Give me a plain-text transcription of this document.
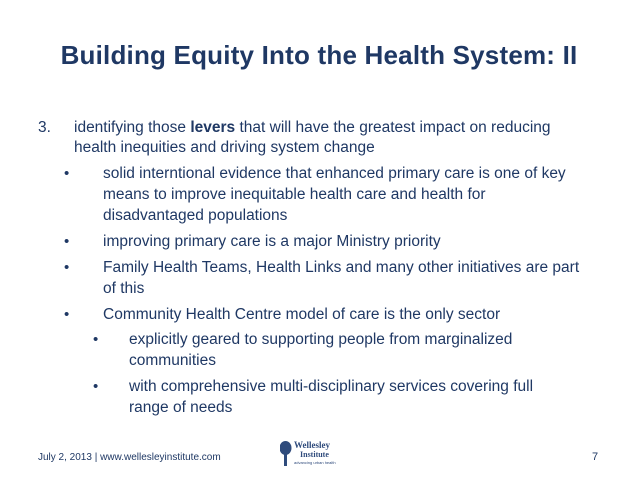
Building Equity Into the Health System: II
3. identifying those levers that will have the greatest impact on reducing
health inequities and driving system change
• solid interntional evidence that enhanced primary care is one of key
means to improve inequitable health care and health for
disadvantaged populations
• improving primary care is a major Ministry priority
• Family Health Teams, Health Links and many other initiatives are part
of this
• Community Health Centre model of care is the only sector
• explicitly geared to supporting people from marginalized
communities
• with comprehensive multi-disciplinary services covering full
range of needs
July 2, 2013 | www.wellesleyinstitute.com
Wellesley
Institute
advancing urban health	7
